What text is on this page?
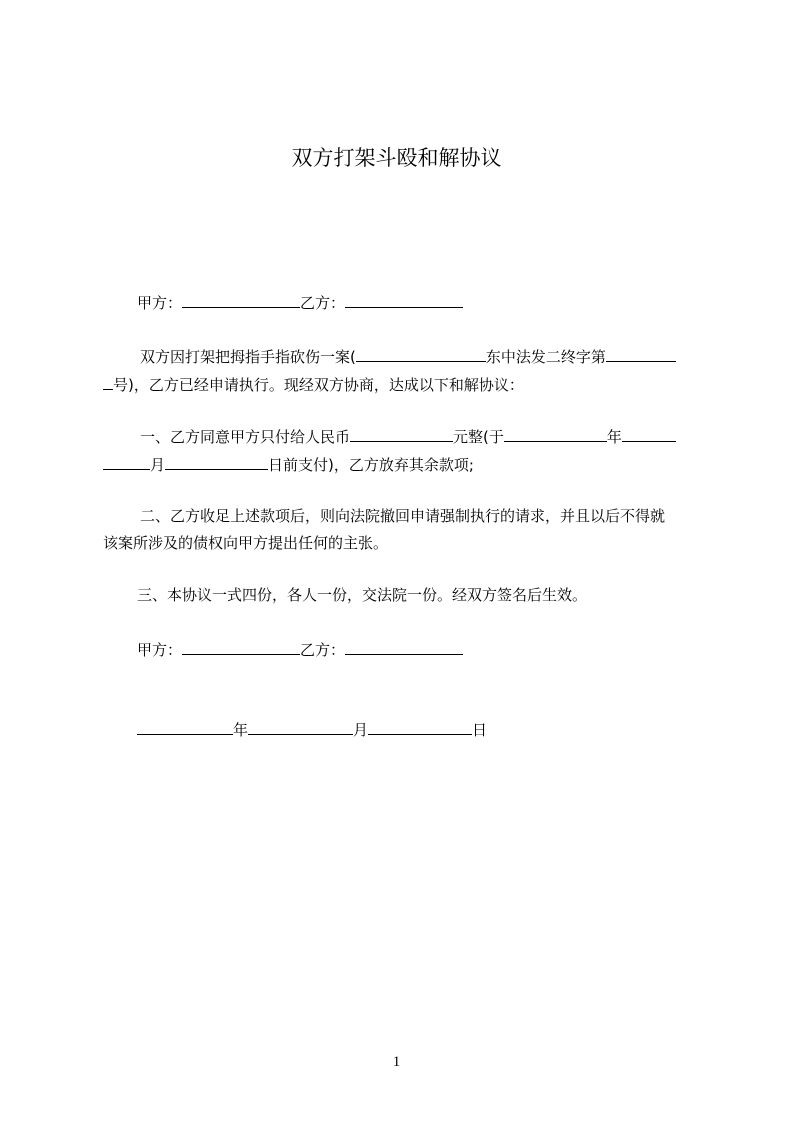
双方打架斗殴和解协议
甲方：	乙方：
双方因打架把拇指手指砍伤一案(	东中法发二终字第
号)，乙方已经申请执行。现经双方协商，达成以下和解协议：
一、乙方同意甲方只付给人民币	元整(于	年
月	日前支付)，乙方放弃其余款项;
二、乙方收足上述款项后，则向法院撤回申请强制执行的请求，并且以后不得就
该案所涉及的债权向甲方提出任何的主张。
三、本协议一式四份，各人一份，交法院一份。经双方签名后生效。
甲方：	乙方：
年	月	日
1
